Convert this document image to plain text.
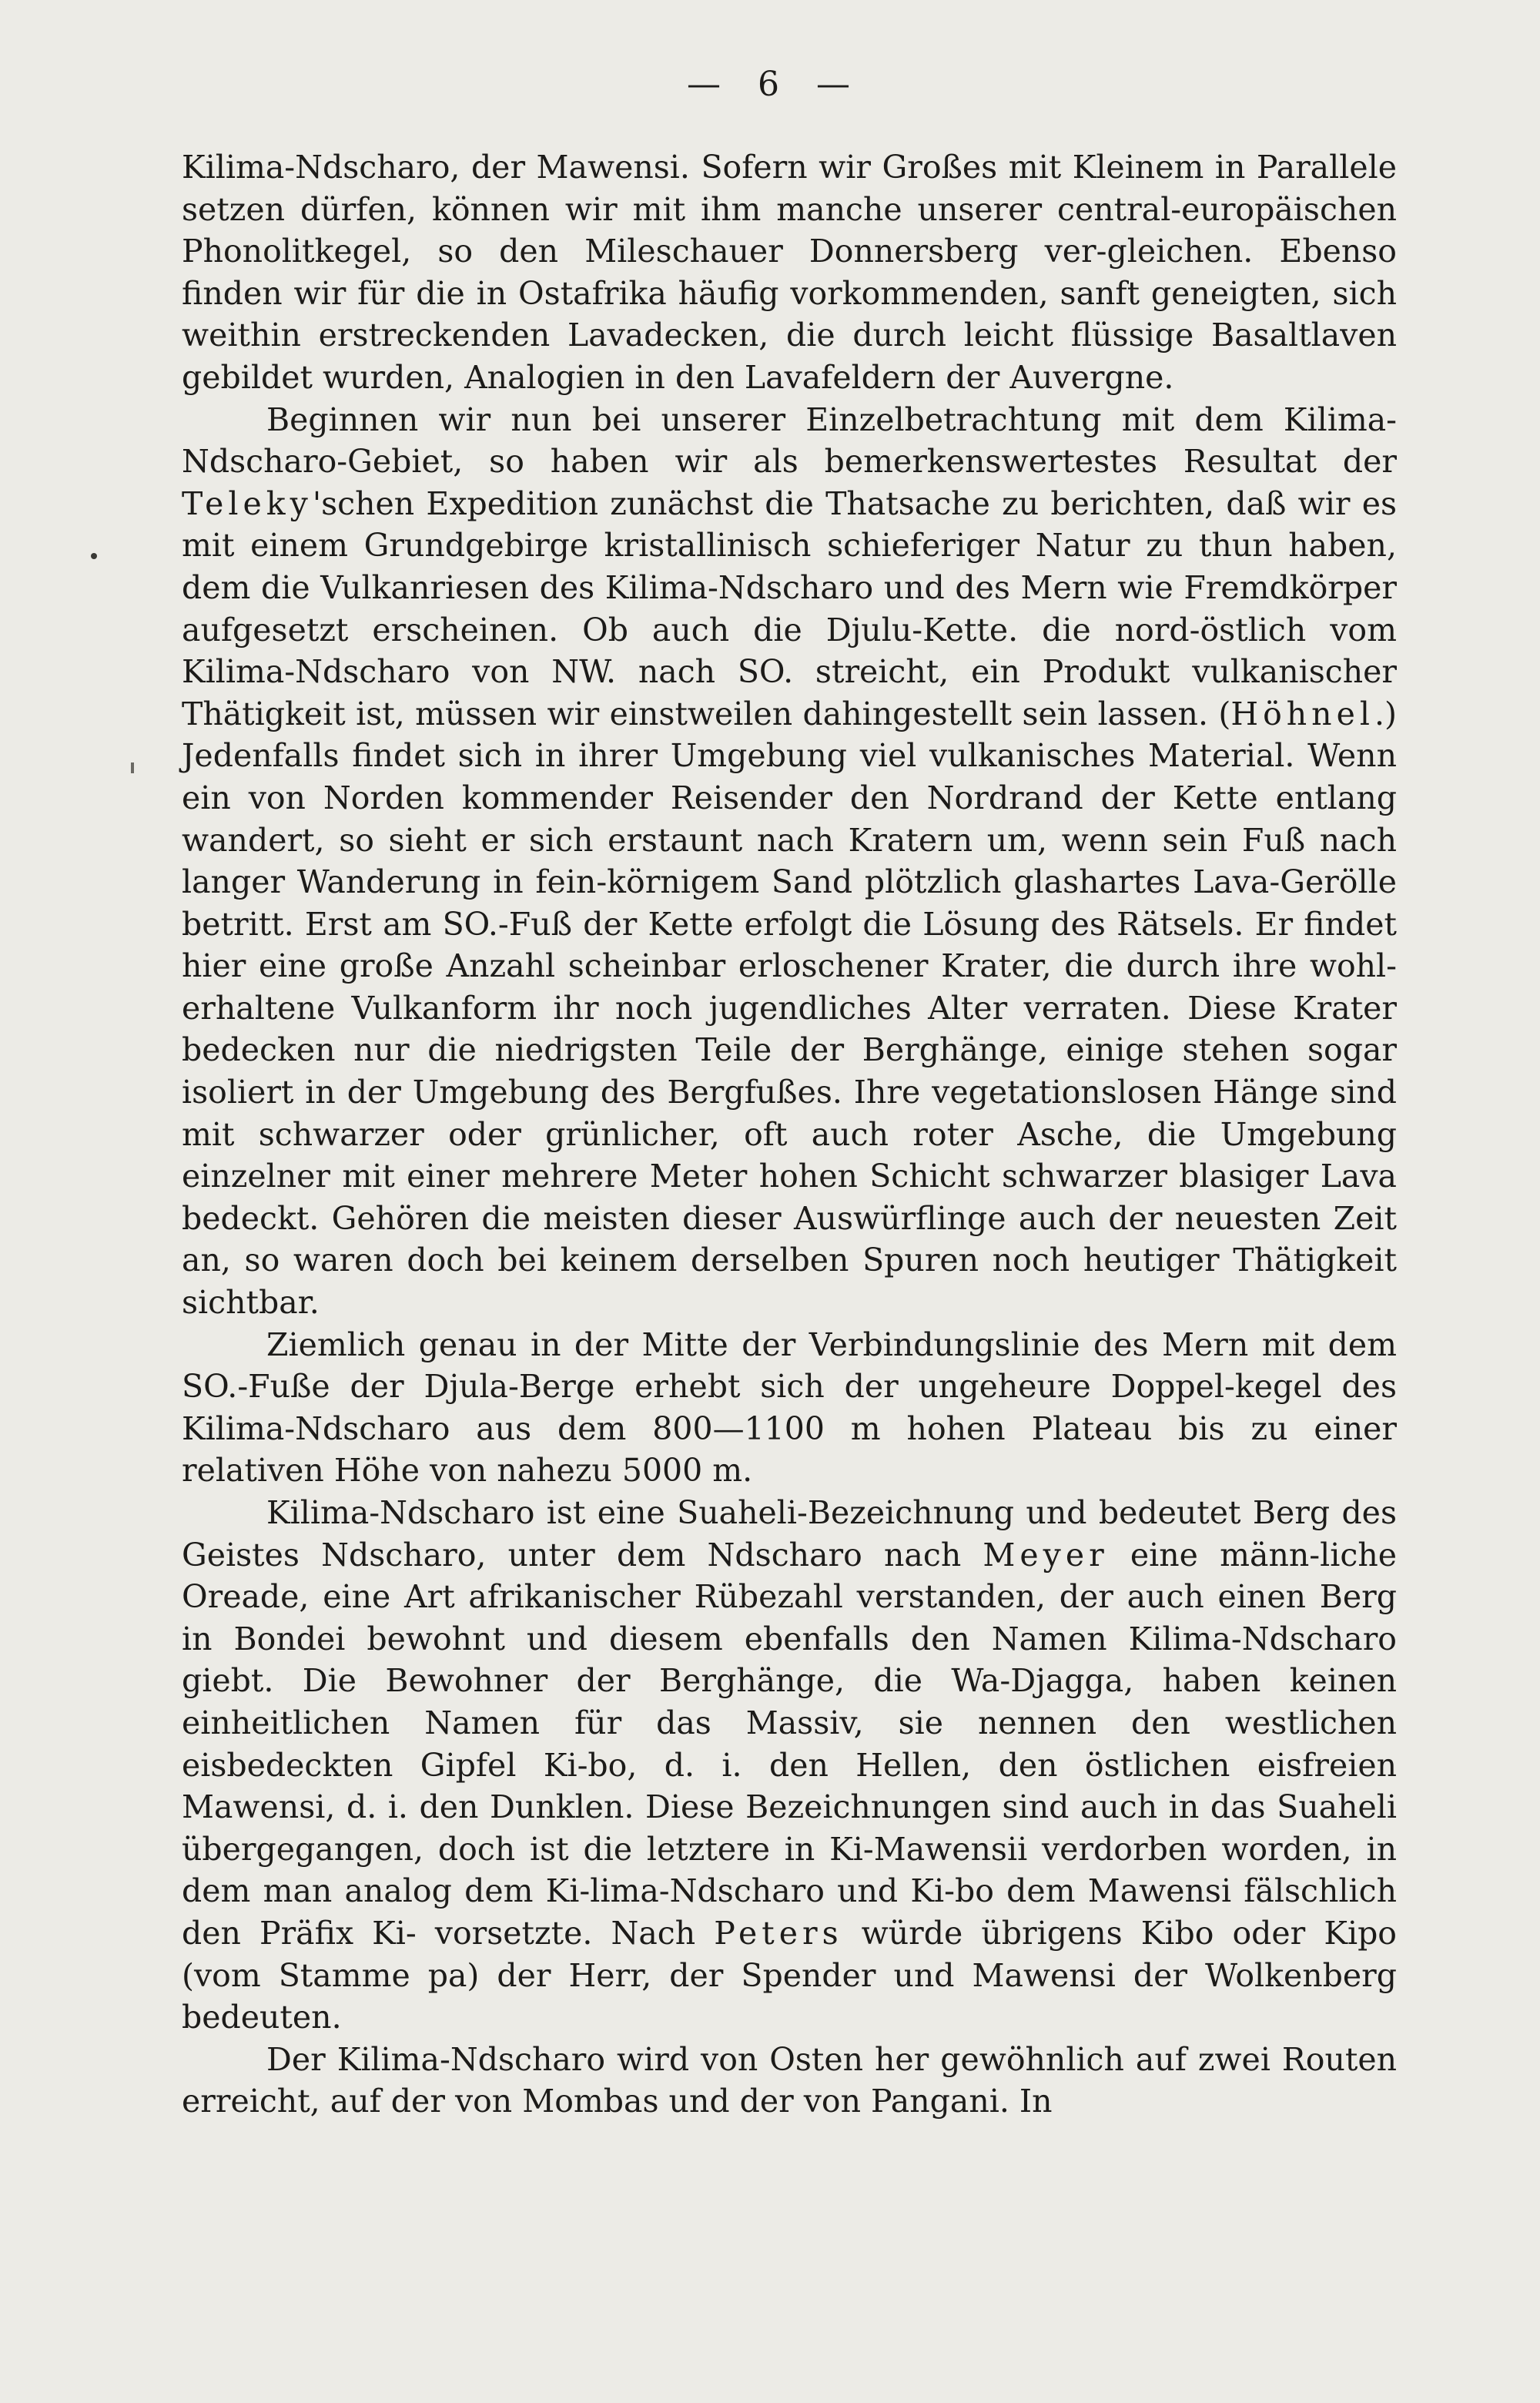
— 6 —

Kilima-Ndscharo, der Mawensi. Sofern wir Großes mit Kleinem in Parallele setzen dürfen, können wir mit ihm manche unserer central-europäischen Phonolitkegel, so den Mileschauer Donnersberg ver-gleichen. Ebenso finden wir für die in Ostafrika häufig vorkommenden, sanft geneigten, sich weithin erstreckenden Lavadecken, die durch leicht flüssige Basaltlaven gebildet wurden, Analogien in den Lavafeldern der Auvergne.

Beginnen wir nun bei unserer Einzelbetrachtung mit dem Kilima-Ndscharo-Gebiet, so haben wir als bemerkenswertestes Resultat der Teleky'schen Expedition zunächst die Thatsache zu berichten, daß wir es mit einem Grundgebirge kristallinisch schieferiger Natur zu thun haben, dem die Vulkanriesen des Kilima-Ndscharo und des Mern wie Fremdkörper aufgesetzt erscheinen. Ob auch die Djulu-Kette. die nord-östlich vom Kilima-Ndscharo von NW. nach SO. streicht, ein Produkt vulkanischer Thätigkeit ist, müssen wir einstweilen dahingestellt sein lassen. (Höhnel.) Jedenfalls findet sich in ihrer Umgebung viel vulkanisches Material. Wenn ein von Norden kommender Reisender den Nordrand der Kette entlang wandert, so sieht er sich erstaunt nach Kratern um, wenn sein Fuß nach langer Wanderung in fein-körnigem Sand plötzlich glashartes Lava-Gerölle betritt. Erst am SO.-Fuß der Kette erfolgt die Lösung des Rätsels. Er findet hier eine große Anzahl scheinbar erloschener Krater, die durch ihre wohl-erhaltene Vulkanform ihr noch jugendliches Alter verraten. Diese Krater bedecken nur die niedrigsten Teile der Berghänge, einige stehen sogar isoliert in der Umgebung des Bergfußes. Ihre vegetationslosen Hänge sind mit schwarzer oder grünlicher, oft auch roter Asche, die Umgebung einzelner mit einer mehrere Meter hohen Schicht schwarzer blasiger Lava bedeckt. Gehören die meisten dieser Auswürflinge auch der neuesten Zeit an, so waren doch bei keinem derselben Spuren noch heutiger Thätigkeit sichtbar.

Ziemlich genau in der Mitte der Verbindungslinie des Mern mit dem SO.-Fuße der Djula-Berge erhebt sich der ungeheure Doppel-kegel des Kilima-Ndscharo aus dem 800—1100 m hohen Plateau bis zu einer relativen Höhe von nahezu 5000 m.

Kilima-Ndscharo ist eine Suaheli-Bezeichnung und bedeutet Berg des Geistes Ndscharo, unter dem Ndscharo nach Meyer eine männ-liche Oreade, eine Art afrikanischer Rübezahl verstanden, der auch einen Berg in Bondei bewohnt und diesem ebenfalls den Namen Kilima-Ndscharo giebt. Die Bewohner der Berghänge, die Wa-Djagga, haben keinen einheitlichen Namen für das Massiv, sie nennen den westlichen eisbedeckten Gipfel Ki-bo, d. i. den Hellen, den östlichen eisfreien Mawensi, d. i. den Dunklen. Diese Bezeichnungen sind auch in das Suaheli übergegangen, doch ist die letztere in Ki-Mawensii verdorben worden, in dem man analog dem Ki-lima-Ndscharo und Ki-bo dem Mawensi fälschlich den Präfix Ki- vorsetzte. Nach Peters würde übrigens Kibo oder Kipo (vom Stamme pa) der Herr, der Spender und Mawensi der Wolkenberg bedeuten.

Der Kilima-Ndscharo wird von Osten her gewöhnlich auf zwei Routen erreicht, auf der von Mombas und der von Pangani. In
